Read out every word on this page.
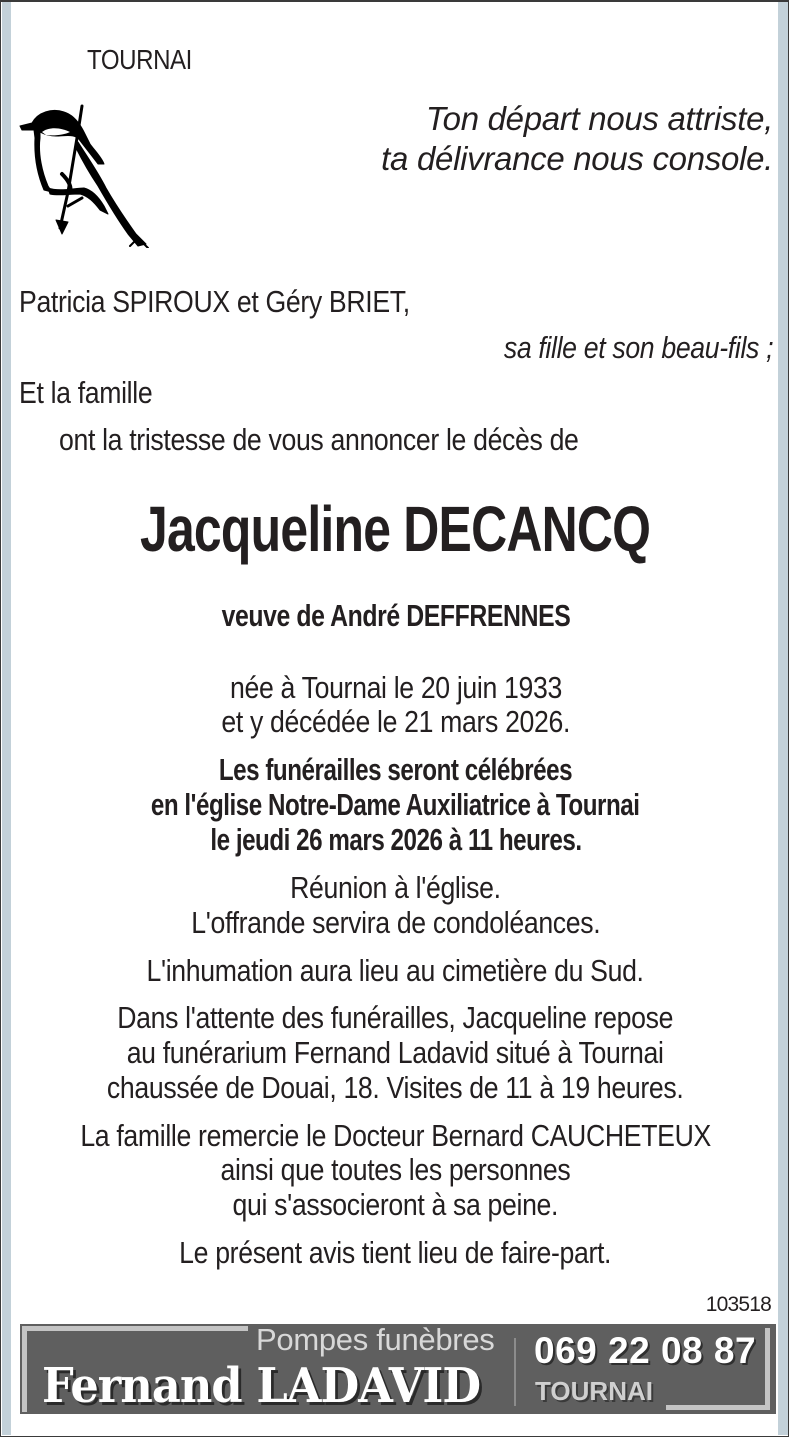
TOURNAI
Ton départ nous attriste,
ta délivrance nous console.
Patricia SPIROUX et Géry BRIET,
sa fille et son beau-fils ;
Et la famille
ont la tristesse de vous annoncer le décès de
Jacqueline DECANCQ
veuve de André DEFFRENNES
née à Tournai le 20 juin 1933
et y décédée le 21 mars 2026.
Les funérailles seront célébrées
en l'église Notre-Dame Auxiliatrice à Tournai
le jeudi 26 mars 2026 à 11 heures.
Réunion à l'église.
L'offrande servira de condoléances.
L'inhumation aura lieu au cimetière du Sud.
Dans l'attente des funérailles, Jacqueline repose
au funérarium Fernand Ladavid situé à Tournai
chaussée de Douai, 18. Visites de 11 à 19 heures.
La famille remercie le Docteur Bernard CAUCHETEUX
ainsi que toutes les personnes
qui s'associeront à sa peine.
Le présent avis tient lieu de faire-part.
103518
Pompes funèbres
Fernand LADAVID
069 22 08 87
TOURNAI
